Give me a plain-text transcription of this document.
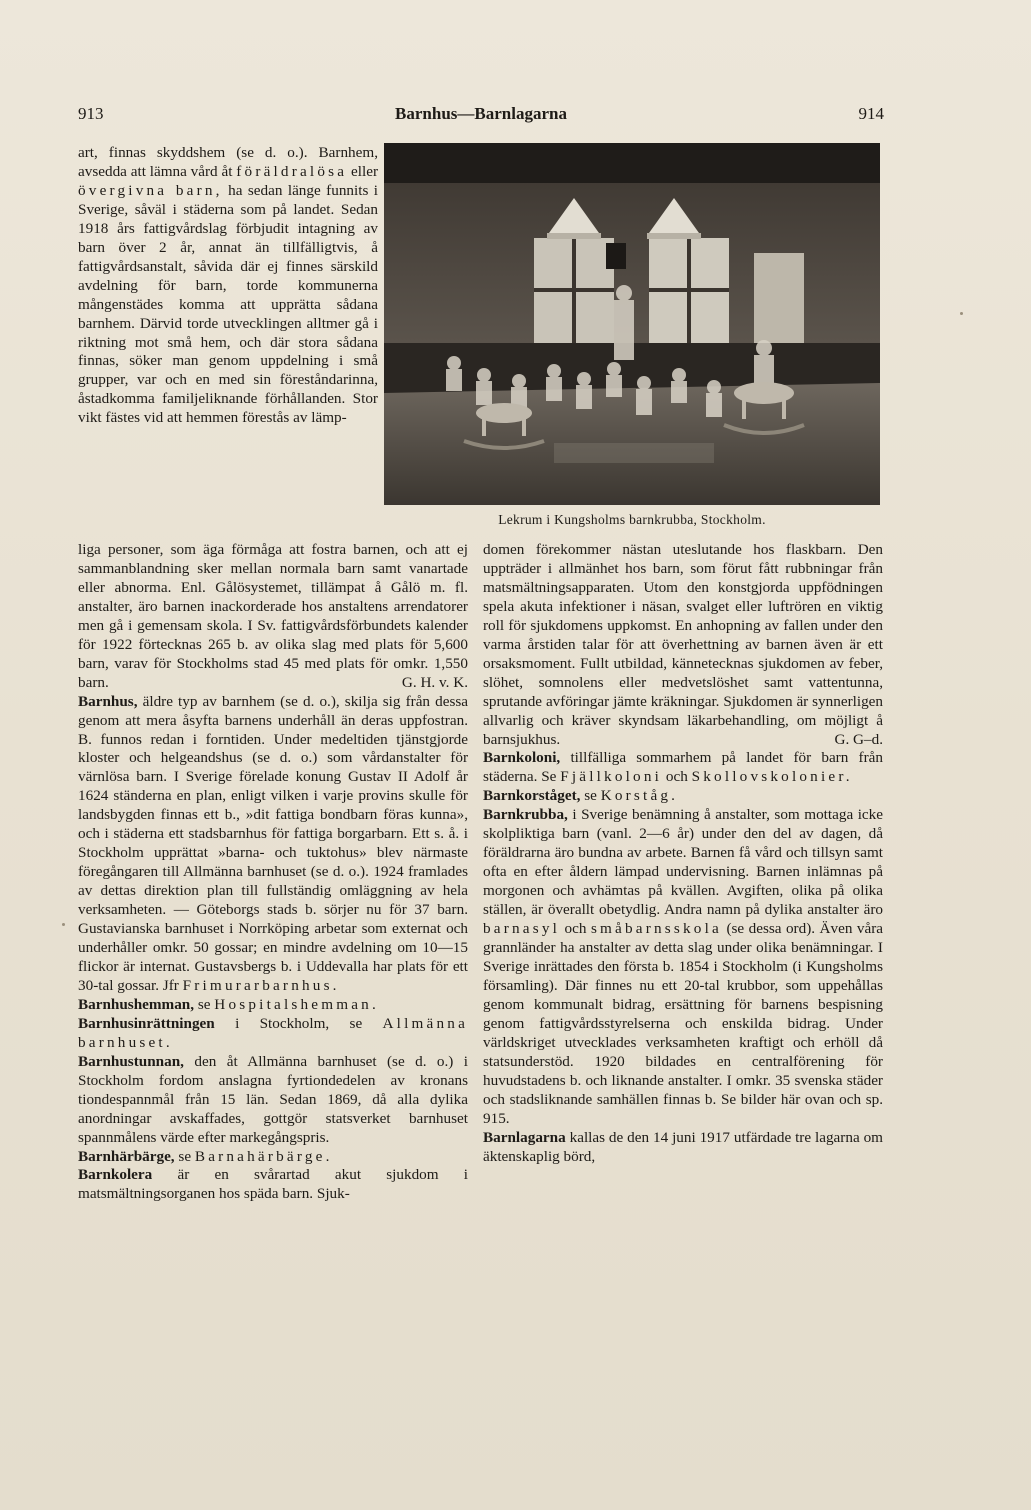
913	Barnhus—Barnlagarna	914
Lekrum i Kungsholms barnkrubba, Stockholm.

art, finnas skyddshem (se d. o.). Barnhem, avsedda att lämna vård åt föräldralösa eller övergivna barn, ha sedan länge funnits i Sverige, såväl i städerna som på landet. Sedan 1918 års fattigvårdslag förbjudit intagning av barn över 2 år, annat än tillfälligtvis, å fattigvårdsanstalt, såvida där ej finnes särskild avdelning för barn, torde kommunerna mångenstädes komma att upprätta sådana barnhem. Därvid torde utvecklingen alltmer gå i riktning mot små hem, och där stora sådana finnas, söker man genom uppdelning i små grupper, var och en med sin föreståndarinna, åstadkomma familjeliknande förhållanden. Stor vikt fästes vid att hemmen förestås av lämp-

liga personer, som äga förmåga att fostra barnen, och att ej sammanblandning sker mellan normala barn samt vanartade eller abnorma. Enl. Gålösystemet, tillämpat å Gålö m. fl. anstalter, äro barnen inackorderade hos anstaltens arrendatorer men gå i gemensam skola. I Sv. fattigvårdsförbundets kalender för 1922 förtecknas 265 b. av olika slag med plats för 5,600 barn, varav för Stockholms stad 45 med plats för omkr. 1,550 barn.	G. H. v. K.

Barnhus, äldre typ av barnhem (se d. o.), skilja sig från dessa genom att mera åsyfta barnens underhåll än deras uppfostran. B. funnos redan i forntiden. Under medeltiden tjänstgjorde kloster och helgeandshus (se d. o.) som vårdanstalter för värnlösa barn. I Sverige förelade konung Gustav II Adolf år 1624 ständerna en plan, enligt vilken i varje provins skulle för landsbygden finnas ett b., »dit fattiga bondbarn föras kunna», och i städerna ett stadsbarnhus för fattiga borgarbarn. Ett s. å. i Stockholm upprättat »barna- och tuktohus» blev närmaste föregångaren till Allmänna barnhuset (se d. o.). 1924 framlades av dettas direktion plan till fullständig omläggning av hela verksamheten. — Göteborgs stads b. sörjer nu för 37 barn. Gustavianska barnhuset i Norrköping arbetar som externat och underhåller omkr. 50 gossar; en mindre avdelning om 10—15 flickor är internat. Gustavsbergs b. i Uddevalla har plats för ett 30-tal gossar. Jfr Frimurarbarnhus.

Barnhushemman, se Hospitalshemman.

Barnhusinrättningen i Stockholm, se Allmänna barnhuset.

Barnhustunnan, den åt Allmänna barnhuset (se d. o.) i Stockholm fordom anslagna fyrtiondedelen av kronans tiondespannmål från 15 län. Sedan 1869, då alla dylika anordningar avskaffades, gottgör statsverket barnhuset spannmålens värde efter markegångspris.

Barnhärbärge, se Barnahärbärge.

Barnkolera är en svårartad akut sjukdom i matsmältningsorganen hos späda barn. Sjuk-

domen förekommer nästan uteslutande hos flaskbarn. Den uppträder i allmänhet hos barn, som förut fått rubbningar från matsmältningsapparaten. Utom den konstgjorda uppfödningen spela akuta infektioner i näsan, svalget eller luftrören en viktig roll för sjukdomens uppkomst. En anhopning av fallen under den varma årstiden talar för att överhettning av barnen även är ett orsaksmoment. Fullt utbildad, kännetecknas sjukdomen av feber, slöhet, somnolens eller medvetslöshet samt vattentunna, sprutande avföringar jämte kräkningar. Sjukdomen är synnerligen allvarlig och kräver skyndsam läkarbehandling, om möjligt å barnsjukhus.	G. G–d.

Barnkoloni, tillfälliga sommarhem på landet för barn från städerna. Se Fjällkoloni och Skollovskolonier.

Barnkorståget, se Korståg.

Barnkrubba, i Sverige benämning å anstalter, som mottaga icke skolpliktiga barn (vanl. 2—6 år) under den del av dagen, då föräldrarna äro bundna av arbete. Barnen få vård och tillsyn samt ofta en efter åldern lämpad undervisning. Barnen inlämnas på morgonen och avhämtas på kvällen. Avgiften, olika på olika ställen, är överallt obetydlig. Andra namn på dylika anstalter äro barnasyl och småbarnsskola (se dessa ord). Även våra grannländer ha anstalter av detta slag under olika benämningar. I Sverige inrättades den första b. 1854 i Stockholm (i Kungsholms församling). Där finnes nu ett 20-tal krubbor, som uppehållas genom kommunalt bidrag, ersättning för barnens bespisning genom fattigvårdsstyrelserna och enskilda bidrag. Under världskriget utvecklades verksamheten kraftigt och erhöll då statsunderstöd. 1920 bildades en centralförening för huvudstadens b. och liknande anstalter. I omkr. 35 svenska städer och stadsliknande samhällen finnas b. Se bilder här ovan och sp. 915.

Barnlagarna kallas de den 14 juni 1917 utfärdade tre lagarna om äktenskaplig börd,
